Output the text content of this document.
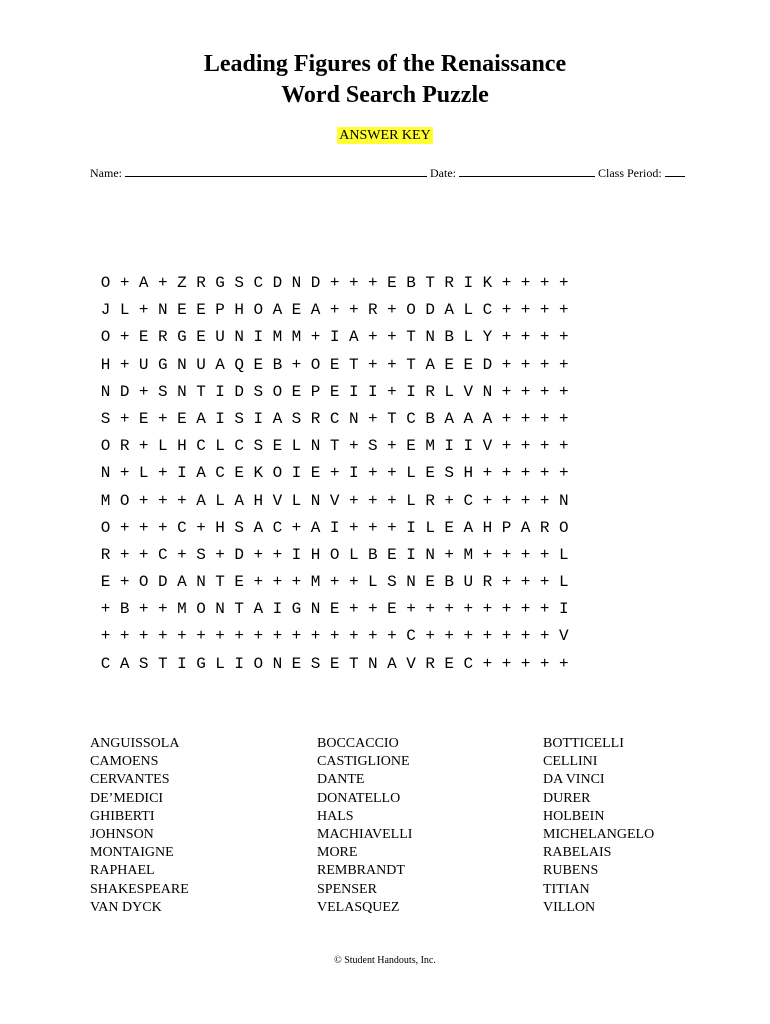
Leading Figures of the Renaissance
Word Search Puzzle
ANSWER KEY
Name:	Date:	Class Period:
O + A + Z R G S C D N D + + + E B T R I K + + + +
J L + N E E P H O A E A + + R + O D A L C + + + +
O + E R G E U N I M M + I A + + T N B L Y + + + +
H + U G N U A Q E B + O E T + + T A E E D + + + +
N D + S N T I D S O E P E I I + I R L V N + + + +
S + E + E A I S I A S R C N + T C B A A A + + + +
O R + L H C L C S E L N T + S + E M I I V + + + +
N + L + I A C E K O I E + I + + L E S H + + + + +
M O + + + A L A H V L N V + + + L R + C + + + + N
O + + + C + H S A C + A I + + + I L E A H P A R O
R + + C + S + D + + I H O L B E I N + M + + + + L
E + O D A N T E + + + M + + L S N E B U R + + + L
+ B + + M O N T A I G N E + + E + + + + + + + + I
+ + + + + + + + + + + + + + + + C + + + + + + + V
C A S T I G L I O N E S E T N A V R E C + + + + +
ANGUISSOLA
CAMOENS
CERVANTES
DE’MEDICI
GHIBERTI
JOHNSON
MONTAIGNE
RAPHAEL
SHAKESPEARE
VAN DYCK
BOCCACCIO
CASTIGLIONE
DANTE
DONATELLO
HALS
MACHIAVELLI
MORE
REMBRANDT
SPENSER
VELASQUEZ
BOTTICELLI
CELLINI
DA VINCI
DURER
HOLBEIN
MICHELANGELO
RABELAIS
RUBENS
TITIAN
VILLON
© Student Handouts, Inc.
